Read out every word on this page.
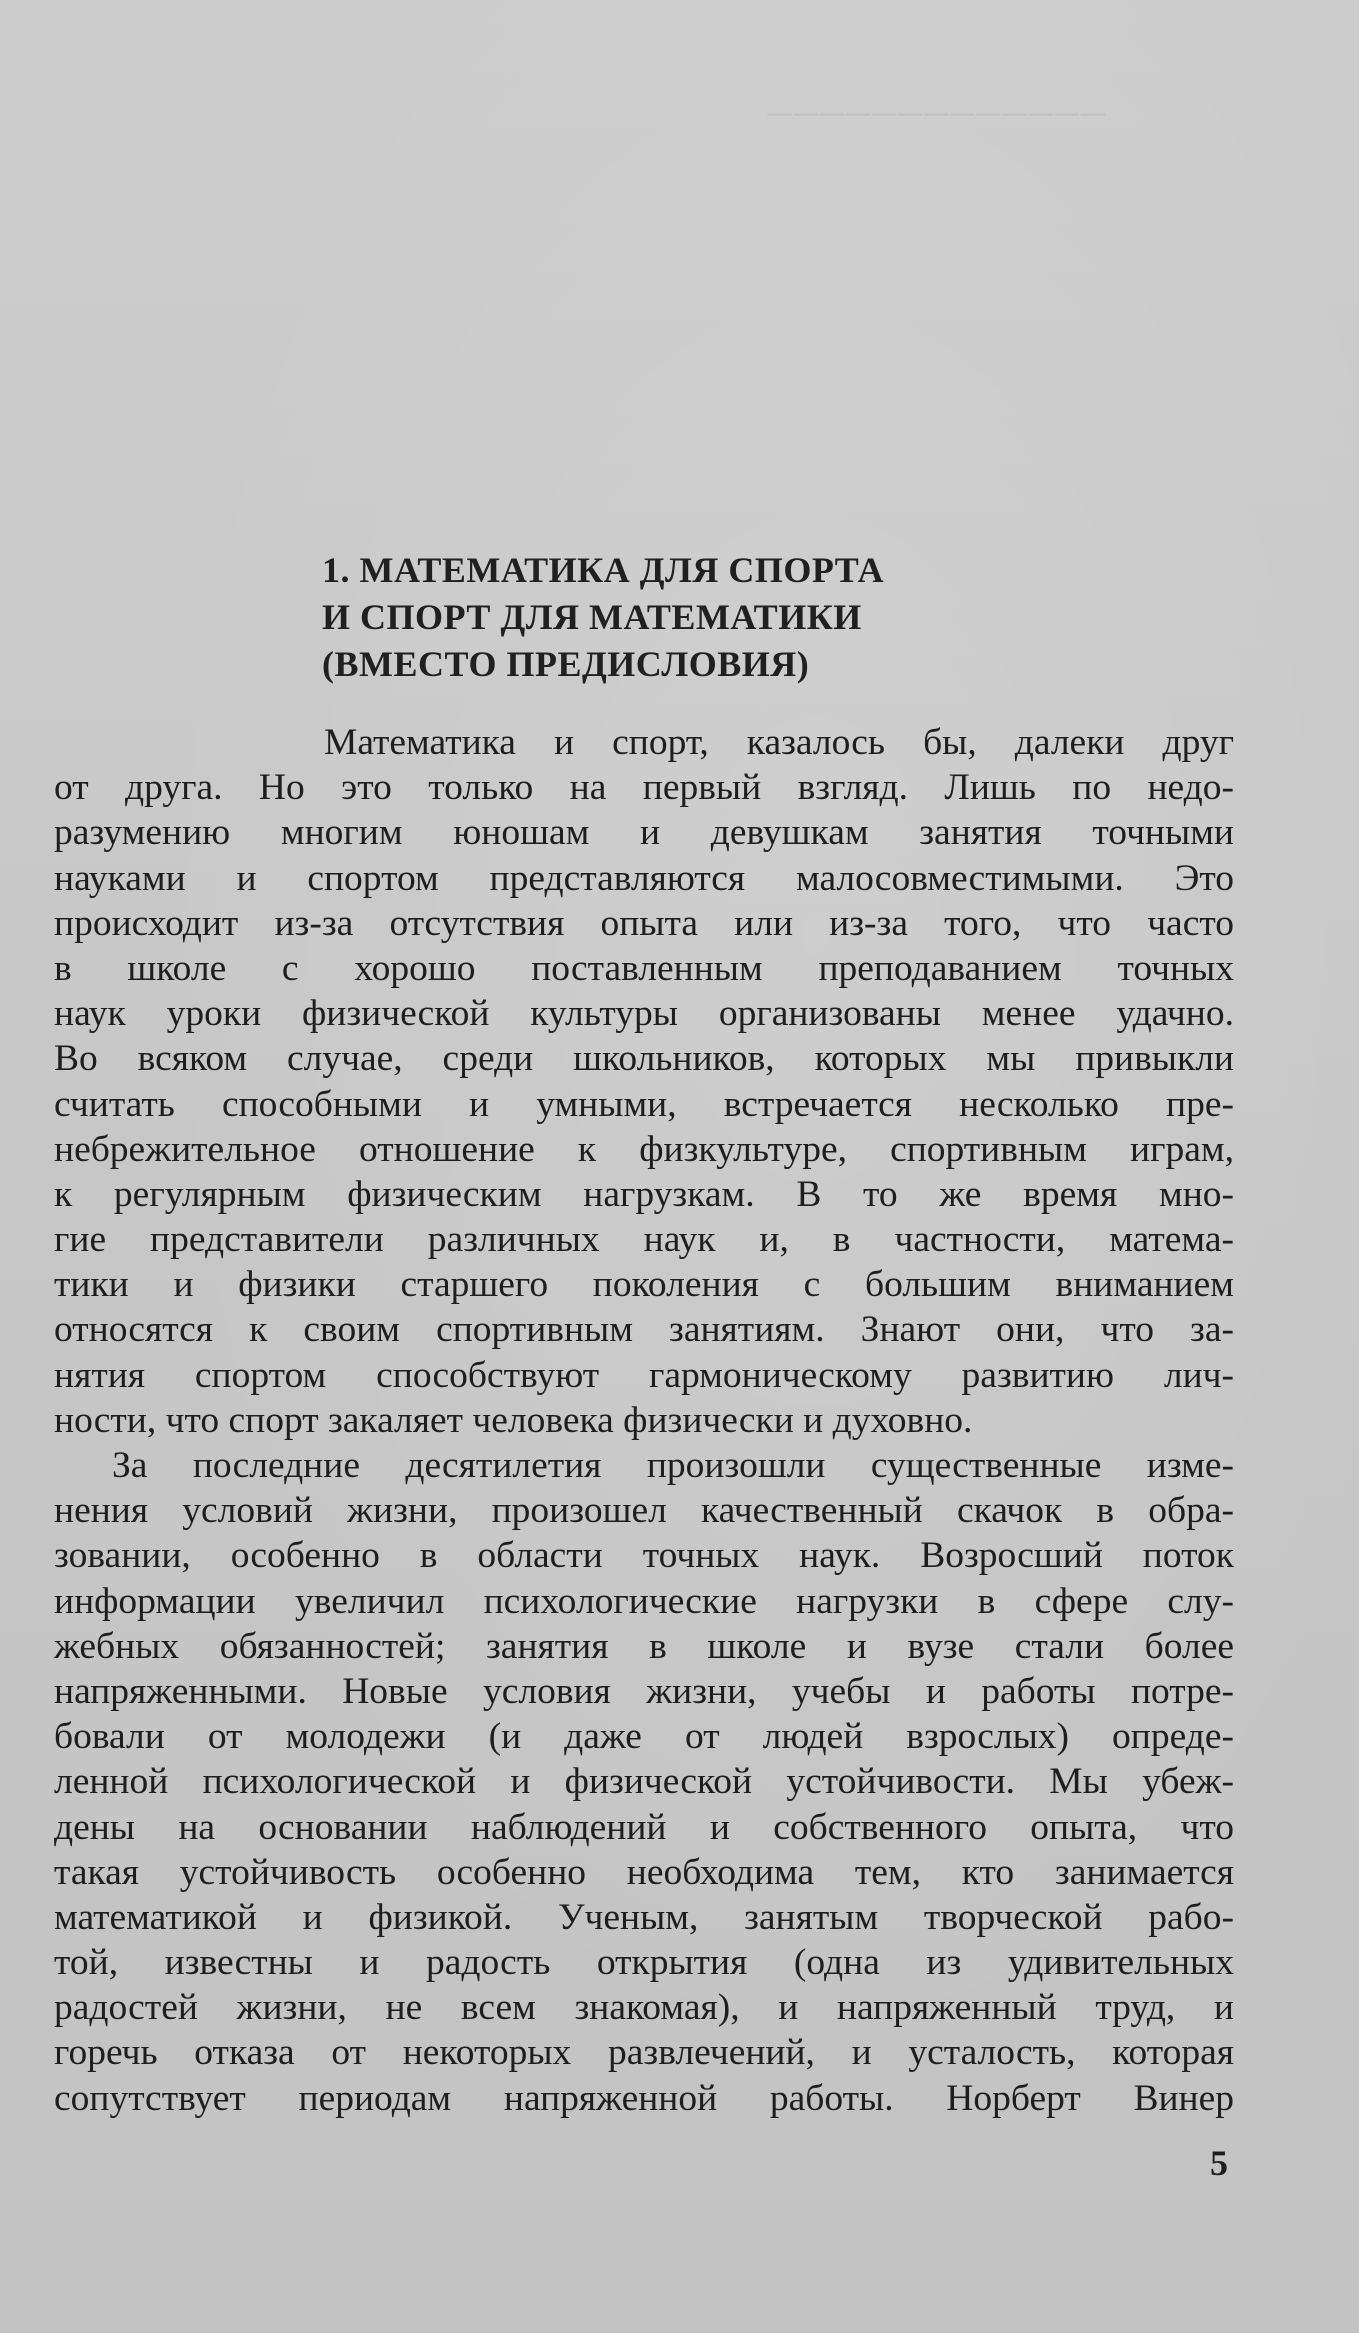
─────────────
1. МАТЕМАТИКА ДЛЯ СПОРТА
И СПОРТ ДЛЯ МАТЕМАТИКИ
(ВМЕСТО ПРЕДИСЛОВИЯ)
Математика и спорт, казалось бы, далеки друг
от друга. Но это только на первый взгляд. Лишь по недо-
разумению многим юношам и девушкам занятия точными
науками и спортом представляются малосовместимыми. Это
происходит из-за отсутствия опыта или из-за того, что часто
в школе с хорошо поставленным преподаванием точных
наук уроки физической культуры организованы менее удачно.
Во всяком случае, среди школьников, которых мы привыкли
считать способными и умными, встречается несколько пре-
небрежительное отношение к физкультуре, спортивным играм,
к регулярным физическим нагрузкам. В то же время мно-
гие представители различных наук и, в частности, матема-
тики и физики старшего поколения с большим вниманием
относятся к своим спортивным занятиям. Знают они, что за-
нятия спортом способствуют гармоническому развитию лич-
ности, что спорт закаляет человека физически и духовно.
За последние десятилетия произошли существенные изме-
нения условий жизни, произошел качественный скачок в обра-
зовании, особенно в области точных наук. Возросший поток
информации увеличил психологические нагрузки в сфере слу-
жебных обязанностей; занятия в школе и вузе стали более
напряженными. Новые условия жизни, учебы и работы потре-
бовали от молодежи (и даже от людей взрослых) опреде-
ленной психологической и физической устойчивости. Мы убеж-
дены на основании наблюдений и собственного опыта, что
такая устойчивость особенно необходима тем, кто занимается
математикой и физикой. Ученым, занятым творческой рабо-
той, известны и радость открытия (одна из удивительных
радостей жизни, не всем знакомая), и напряженный труд, и
горечь отказа от некоторых развлечений, и усталость, которая
сопутствует периодам напряженной работы. Норберт Винер
5
